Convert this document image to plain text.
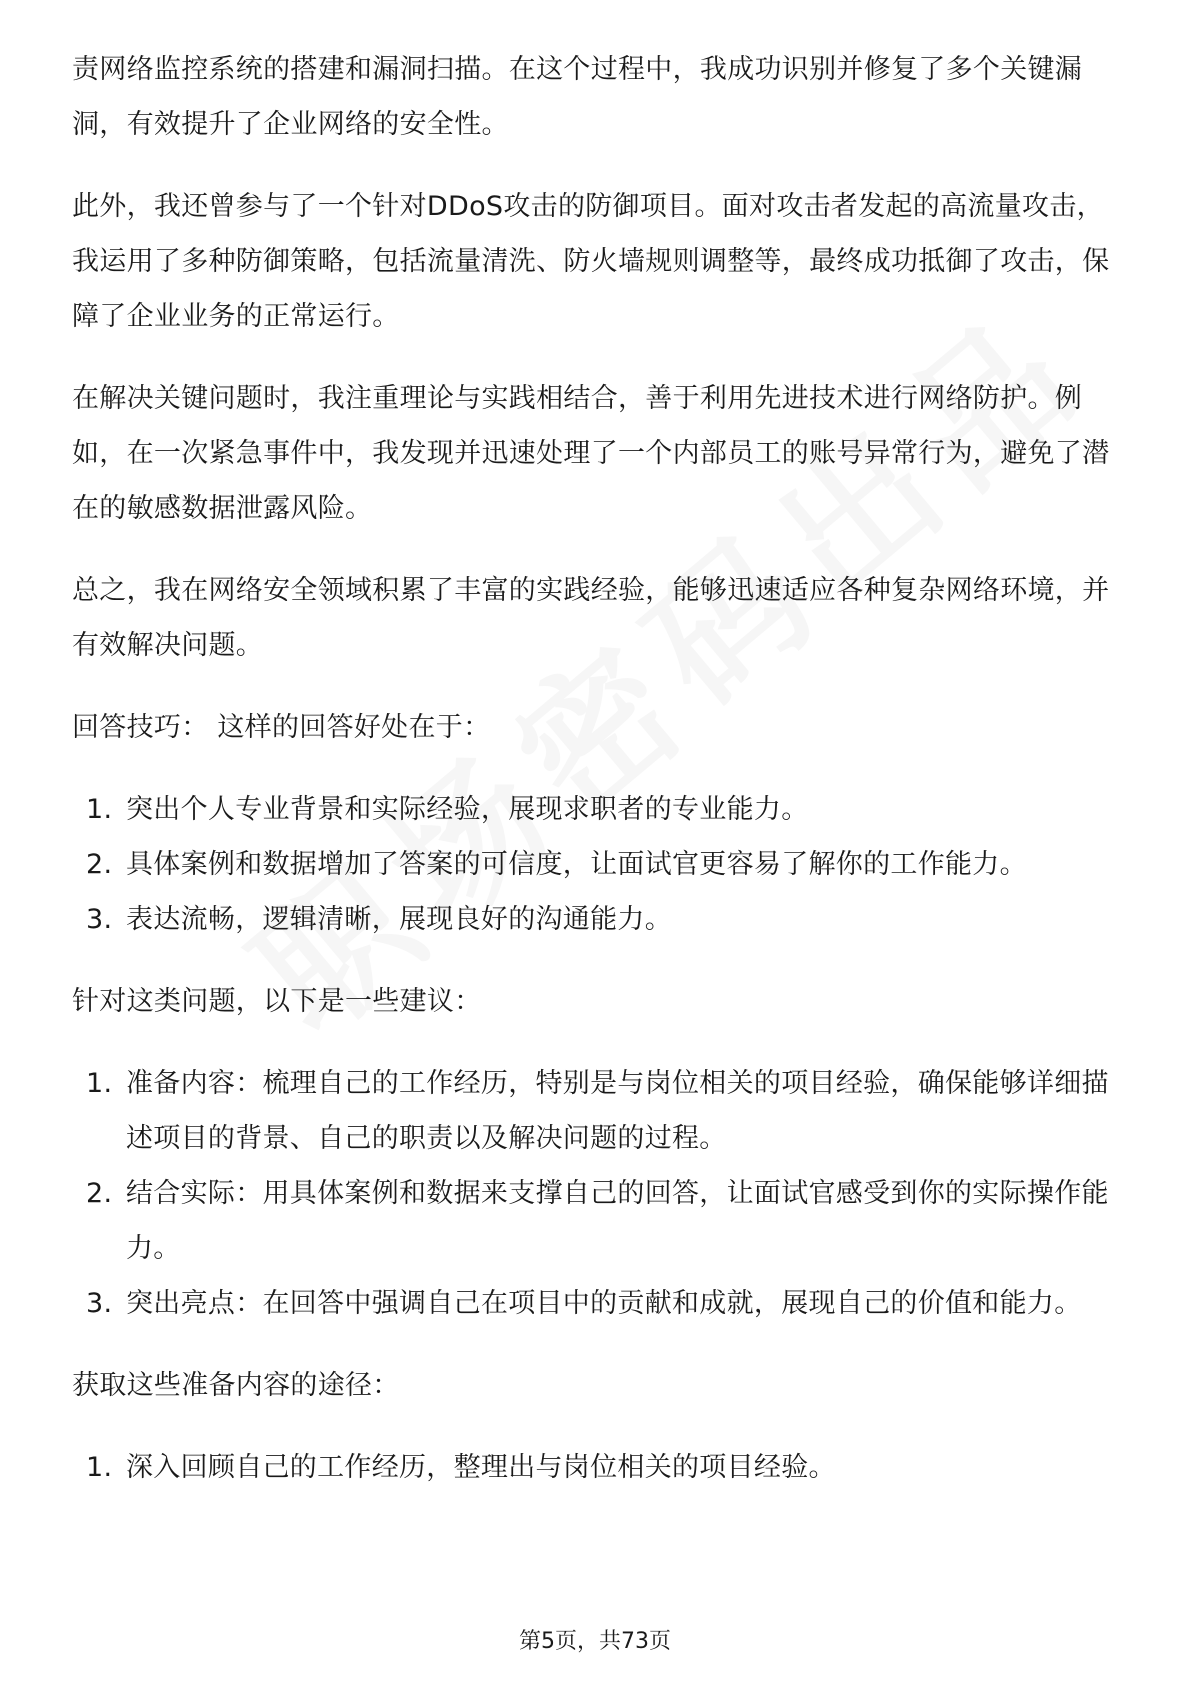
责网络监控系统的搭建和漏洞扫描。在这个过程中，我成功识别并修复了多个关键漏洞，有效提升了企业网络的安全性。

此外，我还曾参与了一个针对DDoS攻击的防御项目。面对攻击者发起的高流量攻击，我运用了多种防御策略，包括流量清洗、防火墙规则调整等，最终成功抵御了攻击，保障了企业业务的正常运行。

在解决关键问题时，我注重理论与实践相结合，善于利用先进技术进行网络防护。例如，在一次紧急事件中，我发现并迅速处理了一个内部员工的账号异常行为，避免了潜在的敏感数据泄露风险。

总之，我在网络安全领域积累了丰富的实践经验，能够迅速适应各种复杂网络环境，并有效解决问题。

回答技巧： 这样的回答好处在于：

1. 突出个人专业背景和实际经验，展现求职者的专业能力。
2. 具体案例和数据增加了答案的可信度，让面试官更容易了解你的工作能力。
3. 表达流畅，逻辑清晰，展现良好的沟通能力。

针对这类问题，以下是一些建议：

1. 准备内容：梳理自己的工作经历，特别是与岗位相关的项目经验，确保能够详细描述项目的背景、自己的职责以及解决问题的过程。
2. 结合实际：用具体案例和数据来支撑自己的回答，让面试官感受到你的实际操作能力。
3. 突出亮点：在回答中强调自己在项目中的贡献和成就，展现自己的价值和能力。

获取这些准备内容的途径：

1. 深入回顾自己的工作经历，整理出与岗位相关的项目经验。
第5页，共73页
